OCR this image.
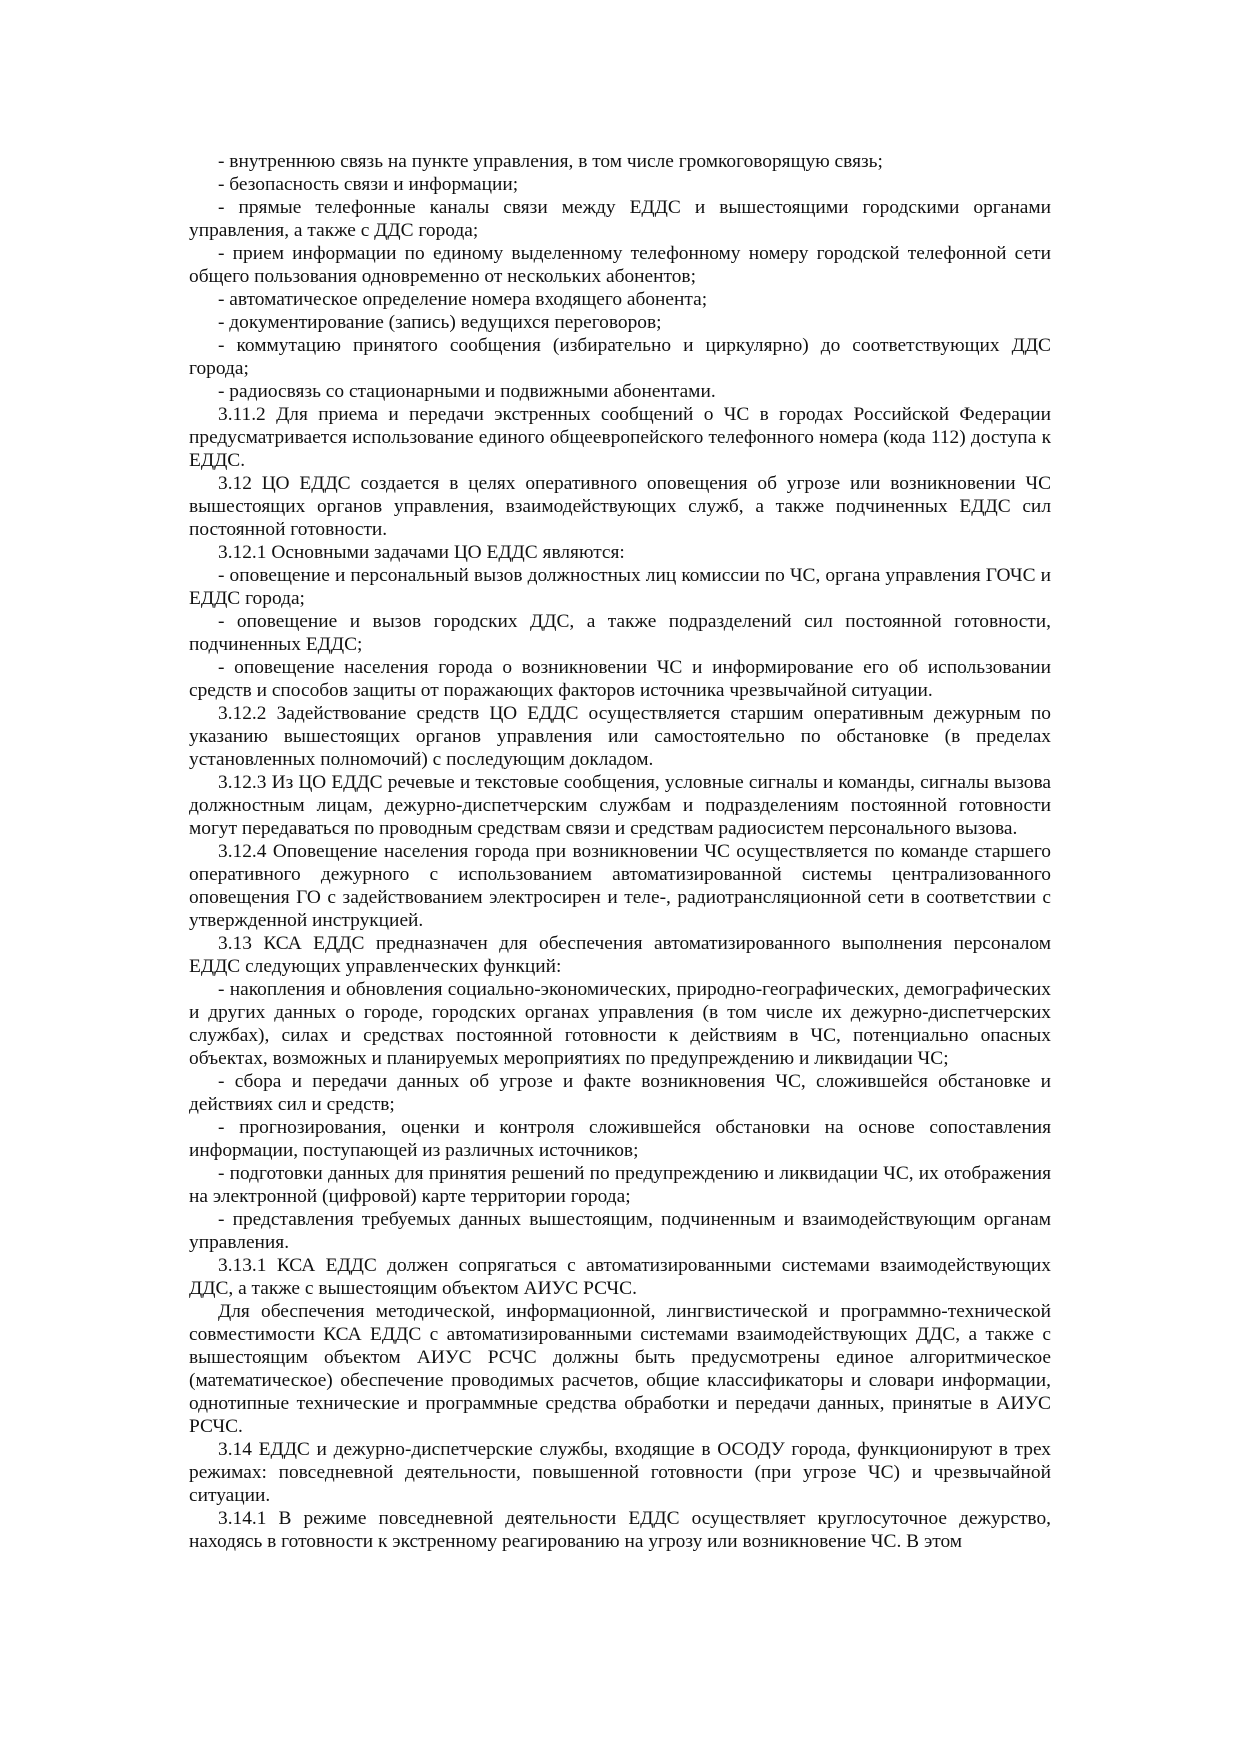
- внутреннюю связь на пункте управления, в том числе громкоговорящую связь;

- безопасность связи и информации;

- прямые телефонные каналы связи между ЕДДС и вышестоящими городскими органами управления, а также с ДДС города;

- прием информации по единому выделенному телефонному номеру городской телефонной сети общего пользования одновременно от нескольких абонентов;

- автоматическое определение номера входящего абонента;

- документирование (запись) ведущихся переговоров;

- коммутацию принятого сообщения (избирательно и циркулярно) до соответствующих ДДС города;

- радиосвязь со стационарными и подвижными абонентами.

3.11.2 Для приема и передачи экстренных сообщений о ЧС в городах Российской Федерации предусматривается использование единого общеевропейского телефонного номера (кода 112) доступа к ЕДДС.

3.12 ЦО ЕДДС создается в целях оперативного оповещения об угрозе или возникновении ЧС вышестоящих органов управления, взаимодействующих служб, а также подчиненных ЕДДС сил постоянной готовности.

3.12.1 Основными задачами ЦО ЕДДС являются:

- оповещение и персональный вызов должностных лиц комиссии по ЧС, органа управления ГОЧС и ЕДДС города;

- оповещение и вызов городских ДДС, а также подразделений сил постоянной готовности, подчиненных ЕДДС;

- оповещение населения города о возникновении ЧС и информирование его об использовании средств и способов защиты от поражающих факторов источника чрезвычайной ситуации.

3.12.2 Задействование средств ЦО ЕДДС осуществляется старшим оперативным дежурным по указанию вышестоящих органов управления или самостоятельно по обстановке (в пределах установленных полномочий) с последующим докладом.

3.12.3 Из ЦО ЕДДС речевые и текстовые сообщения, условные сигналы и команды, сигналы вызова должностным лицам, дежурно-диспетчерским службам и подразделениям постоянной готовности могут передаваться по проводным средствам связи и средствам радиосистем персонального вызова.

3.12.4 Оповещение населения города при возникновении ЧС осуществляется по команде старшего оперативного дежурного с использованием автоматизированной системы централизованного оповещения ГО с задействованием электросирен и теле-, радиотрансляционной сети в соответствии с утвержденной инструкцией.

3.13 КСА ЕДДС предназначен для обеспечения автоматизированного выполнения персоналом ЕДДС следующих управленческих функций:

- накопления и обновления социально-экономических, природно-географических, демографических и других данных о городе, городских органах управления (в том числе их дежурно-диспетчерских службах), силах и средствах постоянной готовности к действиям в ЧС, потенциально опасных объектах, возможных и планируемых мероприятиях по предупреждению и ликвидации ЧС;

- сбора и передачи данных об угрозе и факте возникновения ЧС, сложившейся обстановке и действиях сил и средств;

- прогнозирования, оценки и контроля сложившейся обстановки на основе сопоставления информации, поступающей из различных источников;

- подготовки данных для принятия решений по предупреждению и ликвидации ЧС, их отображения на электронной (цифровой) карте территории города;

- представления требуемых данных вышестоящим, подчиненным и взаимодействующим органам управления.

3.13.1 КСА ЕДДС должен сопрягаться с автоматизированными системами взаимодействующих ДДС, а также с вышестоящим объектом АИУС РСЧС.

Для обеспечения методической, информационной, лингвистической и программно-технической совместимости КСА ЕДДС с автоматизированными системами взаимодействующих ДДС, а также с вышестоящим объектом АИУС РСЧС должны быть предусмотрены единое алгоритмическое (математическое) обеспечение проводимых расчетов, общие классификаторы и словари информации, однотипные технические и программные средства обработки и передачи данных, принятые в АИУС РСЧС.

3.14 ЕДДС и дежурно-диспетчерские службы, входящие в ОСОДУ города, функционируют в трех режимах: повседневной деятельности, повышенной готовности (при угрозе ЧС) и чрезвычайной ситуации.

3.14.1 В режиме повседневной деятельности ЕДДС осуществляет круглосуточное дежурство, находясь в готовности к экстренному реагированию на угрозу или возникновение ЧС. В этом
